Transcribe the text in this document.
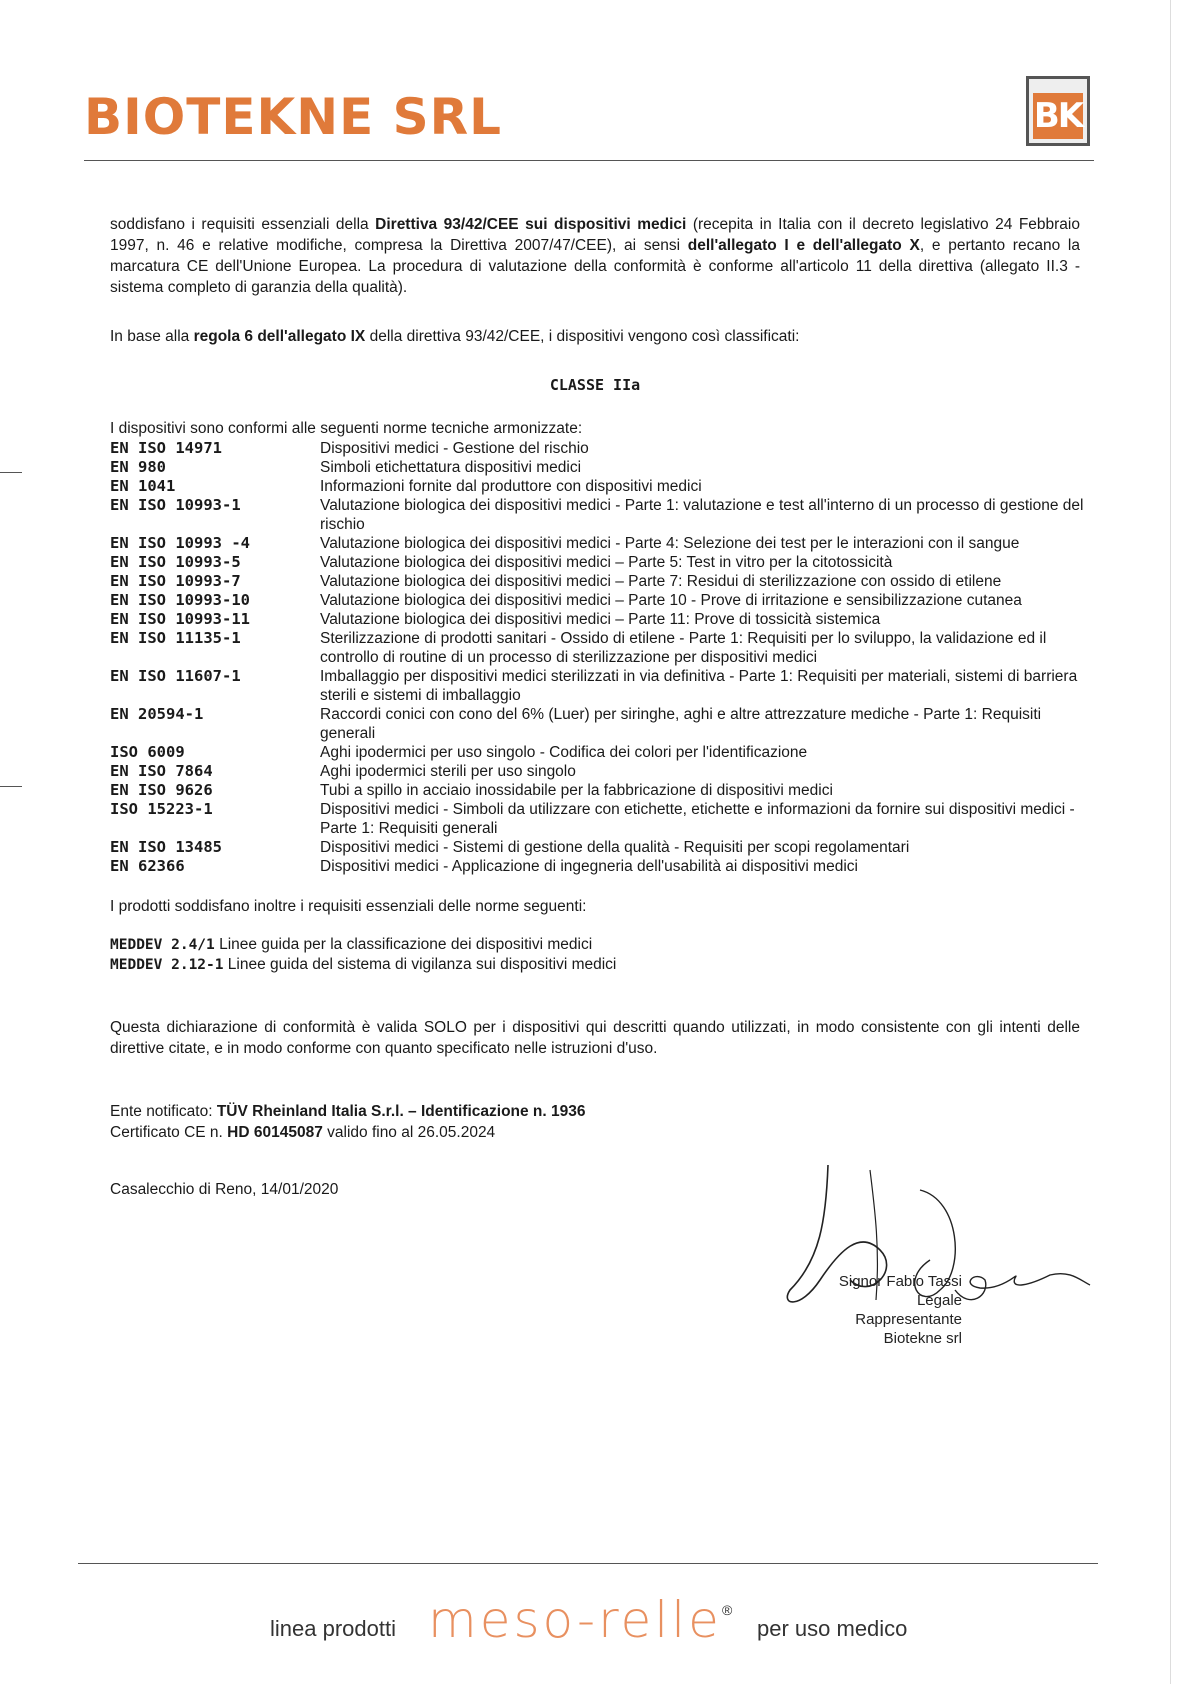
BIOTEKNE SRL	BK

soddisfano i requisiti essenziali della Direttiva 93/42/CEE sui dispositivi medici (recepita in Italia con il decreto legislativo 24 Febbraio 1997, n. 46 e relative modifiche, compresa la Direttiva 2007/47/CEE), ai sensi dell'allegato I e dell'allegato X, e pertanto recano la marcatura CE dell'Unione Europea. La procedura di valutazione della conformità è conforme all'articolo 11 della direttiva (allegato II.3 - sistema completo di garanzia della qualità).

In base alla regola 6 dell'allegato IX della direttiva 93/42/CEE, i dispositivi vengono così classificati:

CLASSE IIa

I dispositivi sono conformi alle seguenti norme tecniche armonizzate:

EN ISO 14971	Dispositivi medici - Gestione del rischio
EN 980	Simboli etichettatura dispositivi medici
EN 1041	Informazioni fornite dal produttore con dispositivi medici
EN ISO 10993-1	Valutazione biologica dei dispositivi medici - Parte 1: valutazione e test all'interno di un processo di gestione del rischio
EN ISO 10993 -4	Valutazione biologica dei dispositivi medici - Parte 4: Selezione dei test per le interazioni con il sangue
EN ISO 10993-5	Valutazione biologica dei dispositivi medici – Parte 5: Test in vitro per la citotossicità
EN ISO 10993-7	Valutazione biologica dei dispositivi medici – Parte 7: Residui di sterilizzazione con ossido di etilene
EN ISO 10993-10	Valutazione biologica dei dispositivi medici – Parte 10 - Prove di irritazione e sensibilizzazione cutanea
EN ISO 10993-11	Valutazione biologica dei dispositivi medici – Parte 11: Prove di tossicità sistemica
EN ISO 11135-1	Sterilizzazione di prodotti sanitari - Ossido di etilene - Parte 1: Requisiti per lo sviluppo, la validazione ed il controllo di routine di un processo di sterilizzazione per dispositivi medici
EN ISO 11607-1	Imballaggio per dispositivi medici sterilizzati in via definitiva - Parte 1: Requisiti per materiali, sistemi di barriera sterili e sistemi di imballaggio
EN 20594-1	Raccordi conici con cono del 6% (Luer) per siringhe, aghi e altre attrezzature mediche - Parte 1: Requisiti generali
ISO 6009	Aghi ipodermici per uso singolo - Codifica dei colori per l'identificazione
EN ISO 7864	Aghi ipodermici sterili per uso singolo
EN ISO 9626	Tubi a spillo in acciaio inossidabile per la fabbricazione di dispositivi medici
ISO 15223-1	Dispositivi medici - Simboli da utilizzare con etichette, etichette e informazioni da fornire sui dispositivi medici - Parte 1: Requisiti generali
EN ISO 13485	Dispositivi medici - Sistemi di gestione della qualità - Requisiti per scopi regolamentari
EN 62366	Dispositivi medici - Applicazione di ingegneria dell'usabilità ai dispositivi medici

I prodotti soddisfano inoltre i requisiti essenziali delle norme seguenti:

MEDDEV 2.4/1 Linee guida per la classificazione dei dispositivi medici
MEDDEV 2.12-1 Linee guida del sistema di vigilanza sui dispositivi medici

Questa dichiarazione di conformità è valida SOLO per i dispositivi qui descritti quando utilizzati, in modo consistente con gli intenti delle direttive citate, e in modo conforme con quanto specificato nelle istruzioni d'uso.

Ente notificato: TÜV Rheinland Italia S.r.l. – Identificazione n. 1936
Certificato CE n. HD 60145087 valido fino al 26.05.2024
Casalecchio di Reno, 14/01/2020
Signor Fabio Tassi
Legale Rappresentante
Biotekne srl
linea prodotti meso-relle ®
per uso medico
